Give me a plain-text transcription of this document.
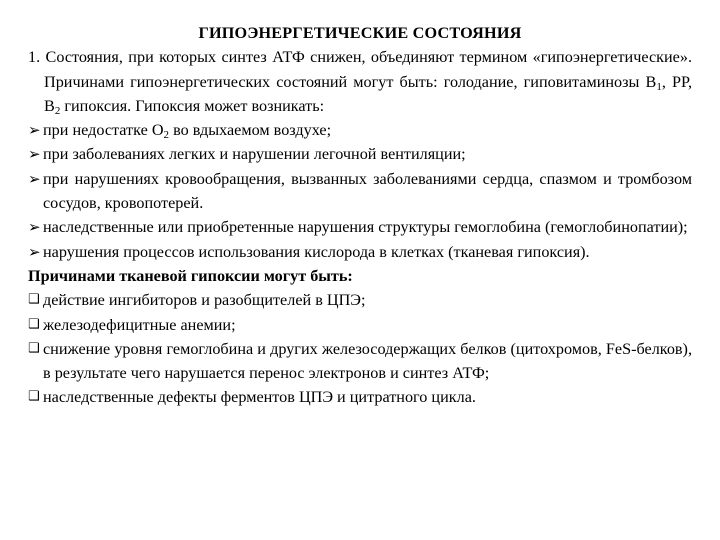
ГИПОЭНЕРГЕТИЧЕСКИЕ СОСТОЯНИЯ
1. Состояния, при которых синтез АТФ снижен, объединяют термином «гипоэнергетические». Причинами гипоэнергетических состояний могут быть: голодание, гиповитаминозы $В_1$, РР, $В_2$ гипоксия. Гипоксия может возникать:
➢ при недостатке $О_2$ во вдыхаемом воздухе;
➢ при заболеваниях легких и нарушении легочной вентиляции;
➢ при нарушениях кровообращения, вызванных заболеваниями сердца, спазмом и тромбозом сосудов, кровопотерей.
➢ наследственные или приобретенные нарушения структуры гемоглобина (гемоглобинопатии);
➢ нарушения процессов использования кислорода в клетках (тканевая гипоксия).
Причинами тканевой гипоксии могут быть:
❑ действие ингибиторов и разобщителей в ЦПЭ;
❑ железодефицитные анемии;
❑ снижение уровня гемоглобина и других железосодержащих белков (цитохромов, FeS-белков), в результате чего нарушается перенос электронов и синтез АТФ;
❑ наследственные дефекты ферментов ЦПЭ и цитратного цикла.
